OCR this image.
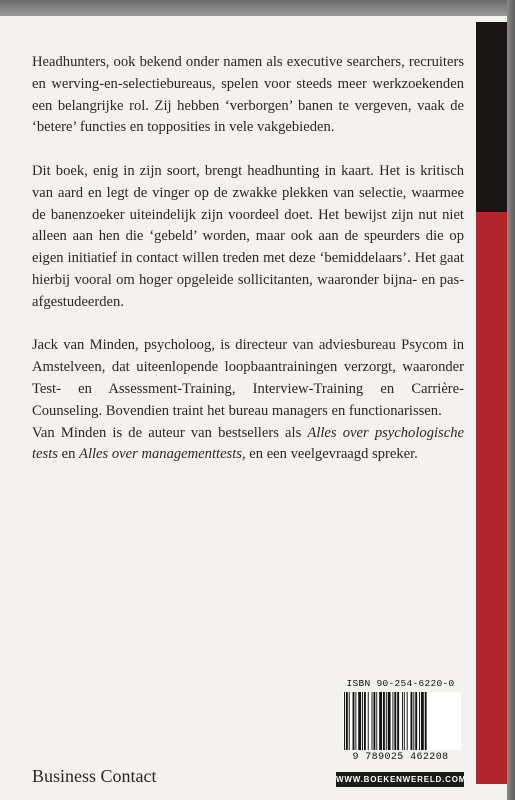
Headhunters, ook bekend onder namen als executive searchers, recruiters en werving-en-selectiebureaus, spelen voor steeds meer werkzoekenden een belangrijke rol. Zij hebben ‘verborgen’ banen te vergeven, vaak de ‘betere’ functies en topposities in vele vakgebieden.

Dit boek, enig in zijn soort, brengt headhunting in kaart. Het is kritisch van aard en legt de vinger op de zwakke plekken van selectie, waarmee de banenzoeker uiteindelijk zijn voordeel doet. Het bewijst zijn nut niet alleen aan hen die ‘gebeld’ worden, maar ook aan de speurders die op eigen initiatief in contact willen treden met deze ‘bemiddelaars’. Het gaat hierbij vooral om hoger opgeleide sollicitanten, waaronder bijna- en pas-afgestudeerden.

Jack van Minden, psycholoog, is directeur van adviesbureau Psycom in Amstelveen, dat uiteenlopende loopbaantrainingen verzorgt, waaronder Test- en Assessment-Training, Interview-Training en Carrière-Counseling. Bovendien traint het bureau managers en functionarissen.

Van Minden is de auteur van bestsellers als Alles over psychologische tests en Alles over managementtests, en een veelgevraagd spreker.

Business Contact
ISBN 90-254-6220-0
9 789025 462208
WWW.BOEKENWERELD.COM
